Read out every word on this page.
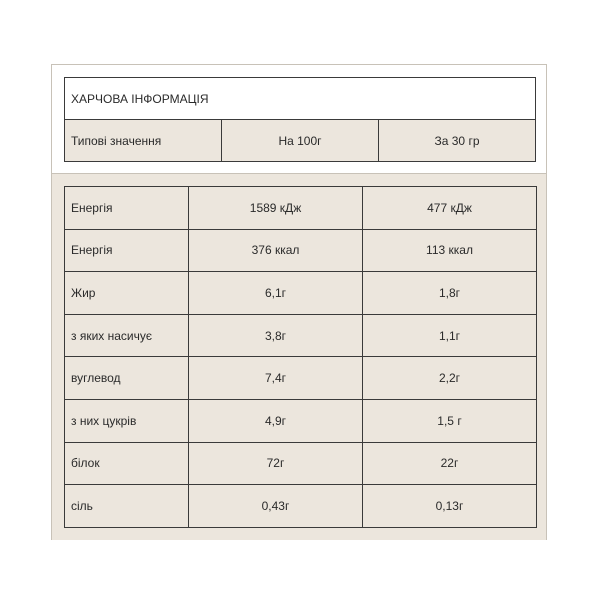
ХАРЧОВА ІНФОРМАЦІЯ
Типові значення	На 100г	За 30 гр
Енергія	1589 кДж	477 кДж
Енергія	376 ккал	113 ккал
Жир	6,1г	1,8г
з яких насичує	3,8г	1,1г
вуглевод	7,4г	2,2г
з них цукрів	4,9г	1,5 г
білок	72г	22г
сіль	0,43г	0,13г
